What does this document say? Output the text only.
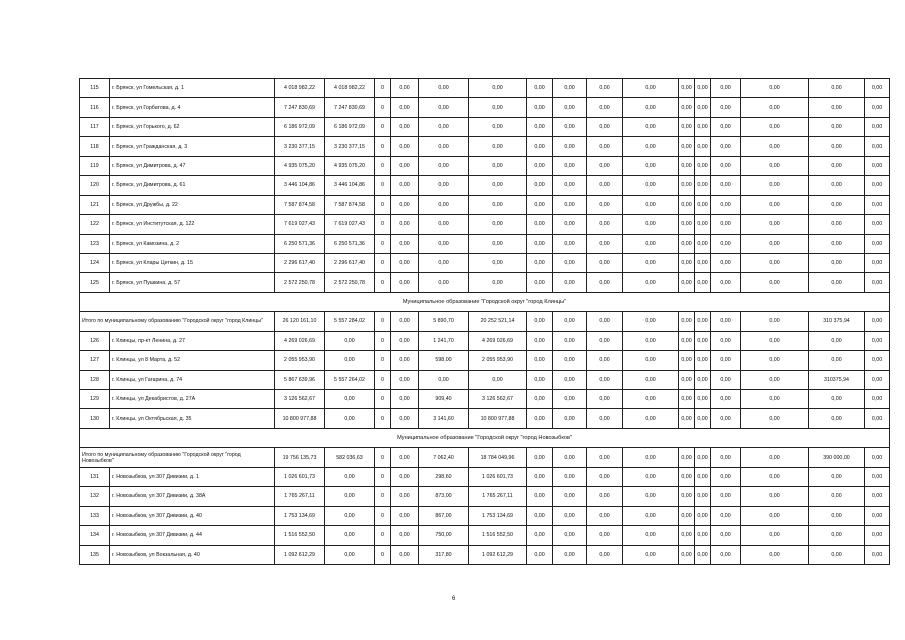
115	г. Брянск, ул Гомельская, д. 1	4 018 982,22	4 018 982,22	0	0,00	0,00	0,00	0,00	0,00	0,00	0,00	0,00	0,00	0,00	0,00	0,00	0,00
116	г. Брянск, ул Горбатова, д. 4	7 247 830,69	7 247 830,69	0	0,00	0,00	0,00	0,00	0,00	0,00	0,00	0,00	0,00	0,00	0,00	0,00	0,00
117	г. Брянск, ул Горького, д. 62	6 186 972,09	6 186 972,09	0	0,00	0,00	0,00	0,00	0,00	0,00	0,00	0,00	0,00	0,00	0,00	0,00	0,00
118	г. Брянск, ул Гражданская, д. 3	3 230 377,15	3 230 377,15	0	0,00	0,00	0,00	0,00	0,00	0,00	0,00	0,00	0,00	0,00	0,00	0,00	0,00
119	г. Брянск, ул Димитрова, д. 47	4 935 075,20	4 935 075,20	0	0,00	0,00	0,00	0,00	0,00	0,00	0,00	0,00	0,00	0,00	0,00	0,00	0,00
120	г. Брянск, ул Димитрова, д. 61	3 446 104,86	3 446 104,86	0	0,00	0,00	0,00	0,00	0,00	0,00	0,00	0,00	0,00	0,00	0,00	0,00	0,00
121	г. Брянск, ул Дружбы, д. 22	7 587 874,58	7 587 874,58	0	0,00	0,00	0,00	0,00	0,00	0,00	0,00	0,00	0,00	0,00	0,00	0,00	0,00
122	г. Брянск, ул Институтская, д. 122	7 619 027,43	7 619 027,43	0	0,00	0,00	0,00	0,00	0,00	0,00	0,00	0,00	0,00	0,00	0,00	0,00	0,00
123	г. Брянск, ул Камозина, д. 2	6 250 571,36	6 250 571,36	0	0,00	0,00	0,00	0,00	0,00	0,00	0,00	0,00	0,00	0,00	0,00	0,00	0,00
124	г. Брянск, ул Клары Цеткин, д. 15	2 296 617,40	2 296 617,40	0	0,00	0,00	0,00	0,00	0,00	0,00	0,00	0,00	0,00	0,00	0,00	0,00	0,00
125	г. Брянск, ул Пушкина, д. 57	2 572 250,78	2 572 250,78	0	0,00	0,00	0,00	0,00	0,00	0,00	0,00	0,00	0,00	0,00	0,00	0,00	0,00
Муниципальное образование "Городской округ "город Клинцы"																	
Итого по муниципальному образованию "Городской округ "город Клинцы"		26 120 161,10	5 557 284,02	0	0,00	5 890,70	20 252 521,14	0,00	0,00	0,00	0,00	0,00	0,00	0,00	0,00	310 375,94	0,00
126	г. Клинцы, пр-кт Ленина, д. 27	4 269 026,69	0,00	0	0,00	1 241,70	4 269 026,69	0,00	0,00	0,00	0,00	0,00	0,00	0,00	0,00	0,00	0,00
127	г. Клинцы, ул 8 Марта, д. 52	2 055 953,90	0,00	0	0,00	598,00	2 055 953,90	0,00	0,00	0,00	0,00	0,00	0,00	0,00	0,00	0,00	0,00
128	г. Клинцы, ул Гагарина, д. 74	5 867 639,96	5 557 264,02	0	0,00	0,00	0,00	0,00	0,00	0,00	0,00	0,00	0,00	0,00	0,00	310375,94	0,00
129	г. Клинцы, ул Декабристов, д. 27А	3 126 562,67	0,00	0	0,00	909,40	3 126 562,67	0,00	0,00	0,00	0,00	0,00	0,00	0,00	0,00	0,00	0,00
130	г. Клинцы, ул Октябрьская, д. 35	10 800 977,88	0,00	0	0,00	3 141,60	10 800 977,88	0,00	0,00	0,00	0,00	0,00	0,00	0,00	0,00	0,00	0,00
Муниципальное образование "Городской округ "город Новозыбков"																	
Итого по муниципальному образованию "Городской округ "город Новозыбков"		19 756 135,73	582 036,63	0	0,00	7 062,40	18 784 049,96	0,00	0,00	0,00	0,00	0,00	0,00	0,00	0,00	390 000,00	0,00
131	г. Новозыбков, ул 307 Дивизии, д. 1	1 026 601,73	0,00	0	0,00	298,60	1 026 601,73	0,00	0,00	0,00	0,00	0,00	0,00	0,00	0,00	0,00	0,00
132	г. Новозыбков, ул 307 Дивизии, д. 38А	1 765 267,11	0,00	0	0,00	873,00	1 765 267,11	0,00	0,00	0,00	0,00	0,00	0,00	0,00	0,00	0,00	0,00
133	г. Новозыбков, ул 307 Дивизии, д. 40	1 753 134,69	0,00	0	0,00	867,00	1 753 134,69	0,00	0,00	0,00	0,00	0,00	0,00	0,00	0,00	0,00	0,00
134	г. Новозыбков, ул 307 Дивизии, д. 44	1 516 552,50	0,00	0	0,00	750,00	1 516 552,50	0,00	0,00	0,00	0,00	0,00	0,00	0,00	0,00	0,00	0,00
135	г. Новозыбков, ул Вокзальная, д. 40	1 092 612,29	0,00	0	0,00	317,80	1 092 612,29	0,00	0,00	0,00	0,00	0,00	0,00	0,00	0,00	0,00	0,00
6
